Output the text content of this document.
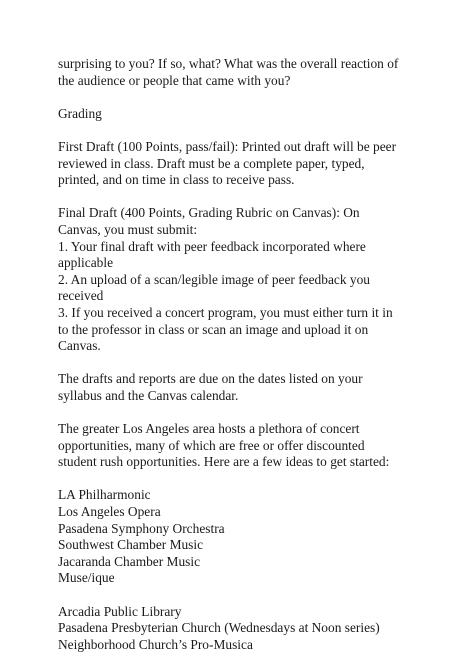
surprising to you? If so, what? What was the overall reaction of
the audience or people that came with you?

Grading

First Draft (100 Points, pass/fail): Printed out draft will be peer
reviewed in class. Draft must be a complete paper, typed,
printed, and on time in class to receive pass.

Final Draft (400 Points, Grading Rubric on Canvas): On
Canvas, you must submit:
1. Your final draft with peer feedback incorporated where
applicable
2. An upload of a scan/legible image of peer feedback you
received
3. If you received a concert program, you must either turn it in
to the professor in class or scan an image and upload it on
Canvas.

The drafts and reports are due on the dates listed on your
syllabus and the Canvas calendar.

The greater Los Angeles area hosts a plethora of concert
opportunities, many of which are free or offer discounted
student rush opportunities. Here are a few ideas to get started:

LA Philharmonic
Los Angeles Opera
Pasadena Symphony Orchestra
Southwest Chamber Music
Jacaranda Chamber Music
Muse/ique
Arcadia Public Library
Pasadena Presbyterian Church (Wednesdays at Noon series)
Neighborhood Church’s Pro-Musica
